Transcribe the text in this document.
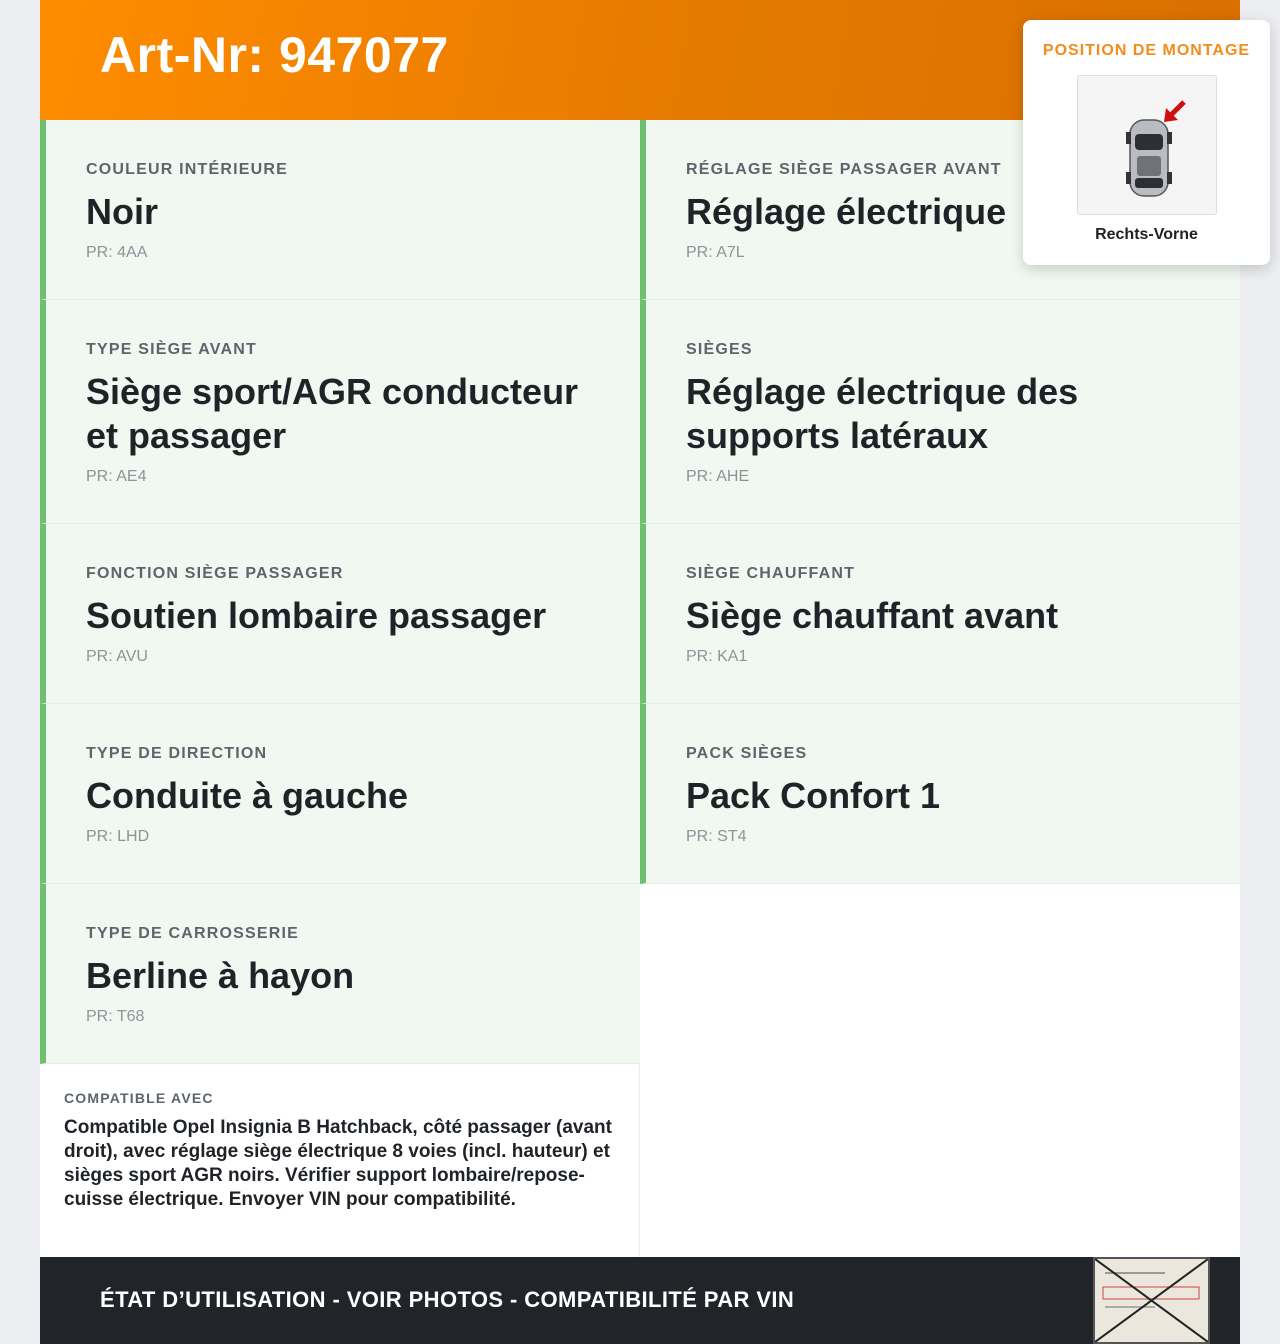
Art-Nr: 947077
COULEUR INTÉRIEURE
Noir
PR: 4AA
RÉGLAGE SIÈGE PASSAGER AVANT
Réglage électrique
PR: A7L
TYPE SIÈGE AVANT
Siège sport/AGR conducteur et passager
PR: AE4
SIÈGES
Réglage électrique des supports latéraux
PR: AHE
FONCTION SIÈGE PASSAGER
Soutien lombaire passager
PR: AVU
SIÈGE CHAUFFANT
Siège chauffant avant
PR: KA1
TYPE DE DIRECTION
Conduite à gauche
PR: LHD
PACK SIÈGES
Pack Confort 1
PR: ST4
TYPE DE CARROSSERIE
Berline à hayon
PR: T68
COMPATIBLE AVEC
Compatible Opel Insignia B Hatchback, côté passager (avant droit), avec réglage siège électrique 8 voies (incl. hauteur) et sièges sport AGR noirs. Vérifier support lombaire/repose-cuisse électrique. Envoyer VIN pour compatibilité.
ÉTAT D’UTILISATION - VOIR PHOTOS - COMPATIBILITÉ PAR VIN
POSITION DE MONTAGE
Rechts-Vorne
